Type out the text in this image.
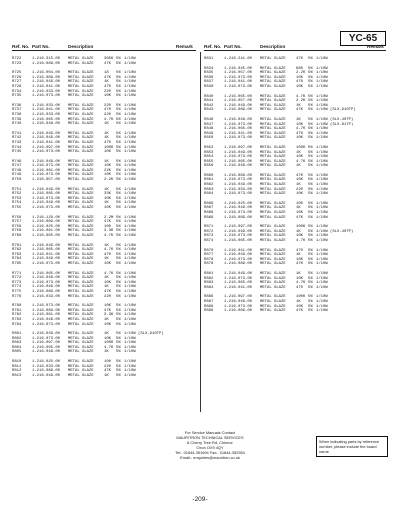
YC-65
Ref. No. Part No.	Description	Remark Ref. No. Part No.	Description	Remark
R722	1-216-315-00 METAL GLAZE	360K 5% 1/10W
R723	1-216-089-00 METAL GLAZE	47K 5% 1/10W
R725	1-216-004-00 METAL GLAZE	18 5% 1/10W
R726	1-216-089-00 METAL GLAZE	47K 5% 1/10W
R727	1-216-049-00 METAL GLAZE	1K 5% 1/10W
R728	1-216-041-00 METAL GLAZE	470 5% 1/10W
R734	1-216-033-00 METAL GLAZE	220 5% 1/10W
R735	1-216-073-00 METAL GLAZE	10K 5% 1/10W
R736	1-216-033-00 METAL GLAZE	220 5% 1/10W
R737	1-216-041-00 METAL GLAZE	470 5% 1/10W
R738	1-216-033-00 METAL GLAZE	220 5% 1/10W
R739	1-216-065-00 METAL GLAZE	4.7K 5% 1/10W
R740	1-216-049-00 METAL GLAZE	1K 5% 1/10W
R741	1-216-049-00 METAL GLAZE	1K 5% 1/10W
R742	1-216-049-00 METAL GLAZE	1K 5% 1/10W
R743	1-216-041-00 METAL GLAZE	470 5% 1/10W
R744	1-216-097-00 METAL GLAZE	100K 5% 1/10W
R745	1-216-073-00 METAL GLAZE	10K 5% 1/10W
R746	1-216-049-00 METAL GLAZE	1K 5% 1/10W
R747	1-216-073-00 METAL GLAZE	10K 5% 1/10W
R748	1-216-081-00 METAL GLAZE	22K 5% 1/10W
R749	1-216-073-00 METAL GLAZE	10K 5% 1/10W
R750	1-216-057-00 METAL GLAZE	2.2K 5% 1/10W
R751	1-216-049-00 METAL GLAZE	1K 5% 1/10W
R752	1-216-085-00 METAL GLAZE	33K 5% 1/10W
R753	1-216-073-00 METAL GLAZE	10K 5% 1/10W
R754	1-216-049-00 METAL GLAZE	1K 5% 1/10W
R755	1-216-073-00 METAL GLAZE	10K 5% 1/10W
R756	1-216-129-00 METAL GLAZE	2.2M 5% 1/10W
R757	1-216-089-00 METAL GLAZE	47K 5% 1/10W
R758	1-216-025-00 METAL GLAZE	100 5% 1/10W
R759	1-216-061-00 METAL GLAZE	3.3K 5% 1/10W
R760	1-216-065-00 METAL GLAZE	4.7K 5% 1/10W
R761	1-216-049-00 METAL GLAZE	1K 5% 1/10W
R762	1-216-065-00 METAL GLAZE	4.7K 5% 1/10W
R763	1-216-041-00 METAL GLAZE	470 5% 1/10W
R764	1-216-049-00 METAL GLAZE	1K 5% 1/10W
R765	1-216-073-00 METAL GLAZE	10K 5% 1/10W
R771	1-216-065-00 METAL GLAZE	4.7K 5% 1/10W
R772	1-216-049-00 METAL GLAZE	1K 5% 1/10W
R773	1-216-073-00 METAL GLAZE	10K 5% 1/10W
R774	1-216-049-00 METAL GLAZE	1K 5% 1/10W
R775	1-216-089-00 METAL GLAZE	47K 5% 1/10W
R776	1-216-033-00 METAL GLAZE	220 5% 1/10W
R780	1-216-073-00 METAL GLAZE	10K 5% 1/10W
R781	1-216-089-00 METAL GLAZE	47K 5% 1/10W
R782	1-216-061-00 METAL GLAZE	3.3K 5% 1/10W
R783	1-216-049-00 METAL GLAZE	1K 5% 1/10W
R784	1-216-073-00 METAL GLAZE	10K 5% 1/10W
R801	1-216-049-00 METAL GLAZE	1K 5% 1/10W (SLX-910TP)
R802	1-216-073-00 METAL GLAZE	10K 5% 1/10W
R803	1-216-097-00 METAL GLAZE	100K 5% 1/10W
R804	1-216-065-00 METAL GLAZE	4.7K 5% 1/10W
R805	1-216-049-00 METAL GLAZE	1K 5% 1/10W
R810	1-216-025-00 METAL GLAZE	100 5% 1/10W
R811	1-216-033-00 METAL GLAZE	220 5% 1/10W
R812	1-216-089-00 METAL GLAZE	47K 5% 1/10W
R813	1-216-049-00 METAL GLAZE	1K 5% 1/10W
R831	1-216-241-00 METAL GLAZE	470 5% 1/10W
R834	1-216-045-00 METAL GLAZE	680 5% 1/10W
R835	1-216-057-00 METAL GLAZE	2.2K 5% 1/10W
R836	1-216-073-00 METAL GLAZE	10K 5% 1/10W
R837	1-216-041-00 METAL GLAZE	470 5% 1/10W
R838	1-216-073-00 METAL GLAZE	10K 5% 1/10W
R840	1-216-065-00 METAL GLAZE	4.7K 5% 1/10W
R841	1-216-057-00 METAL GLAZE	2.2K 5% 1/10W
R842	1-216-049-00 METAL GLAZE	1K 5% 1/10W
R843	1-216-089-00 METAL GLAZE	47K 5% 1/10W (SLX-910TP)
R846	1-216-049-00 METAL GLAZE	1K 5% 1/10W (SLX-40TP)
R847	1-216-073-00 METAL GLAZE	10K 5% 1/10W (SLX-81TP)
R848	1-216-065-00 METAL GLAZE	4.7K 5% 1/10W
R849	1-216-041-00 METAL GLAZE	470 5% 1/10W
R850	1-216-073-00 METAL GLAZE	10K 5% 1/10W
R852	1-216-097-00 METAL GLAZE	100K 5% 1/10W
R853	1-216-049-00 METAL GLAZE	1K 5% 1/10W
R854	1-216-073-00 METAL GLAZE	10K 5% 1/10W
R855	1-216-065-00 METAL GLAZE	4.7K 5% 1/10W
R856	1-216-049-00 METAL GLAZE	1K 5% 1/10W
R860	1-216-089-00 METAL GLAZE	47K 5% 1/10W
R861	1-216-073-00 METAL GLAZE	10K 5% 1/10W
R862	1-216-049-00 METAL GLAZE	1K 5% 1/10W
R863	1-216-033-00 METAL GLAZE	220 5% 1/10W
R864	1-216-073-00 METAL GLAZE	10K 5% 1/10W
R866	1-216-025-00 METAL GLAZE	100 5% 1/10W
R867	1-216-049-00 METAL GLAZE	1K 5% 1/10W
R868	1-216-073-00 METAL GLAZE	10K 5% 1/10W
R869	1-216-089-00 METAL GLAZE	47K 5% 1/10W
R871	1-216-097-00 METAL GLAZE	100K 5% 1/10W
R872	1-216-049-00 METAL GLAZE	1K 5% 1/10W (SLX-40TP)
R873	1-216-073-00 METAL GLAZE	10K 5% 1/10W
R874	1-216-065-00 METAL GLAZE	4.7K 5% 1/10W
R876	1-216-041-00 METAL GLAZE	470 5% 1/10W
R877	1-216-049-00 METAL GLAZE	1K 5% 1/10W
R878	1-216-073-00 METAL GLAZE	10K 5% 1/10W
R879	1-216-089-00 METAL GLAZE	47K 5% 1/10W
R881	1-216-049-00 METAL GLAZE	1K 5% 1/10W
R882	1-216-073-00 METAL GLAZE	10K 5% 1/10W
R883	1-216-065-00 METAL GLAZE	4.7K 5% 1/10W
R884	1-216-041-00 METAL GLAZE	470 5% 1/10W
R886	1-216-097-00 METAL GLAZE	100K 5% 1/10W
R887	1-216-049-00 METAL GLAZE	1K 5% 1/10W
R888	1-216-073-00 METAL GLAZE	10K 5% 1/10W
R889	1-216-089-00 METAL GLAZE	47K 5% 1/10W
For Service Manuals Contact
MAURITRON TECHNICAL SERVICES
8 Cherry Tree Rd, Chinnor
Oxon OX9 4QY
Tel:- 01844-351694 Fax:- 01844-352554
Email:- enquiries@mauritron.co.uk
When indicating parts by reference number, please include the board name.
-209-
